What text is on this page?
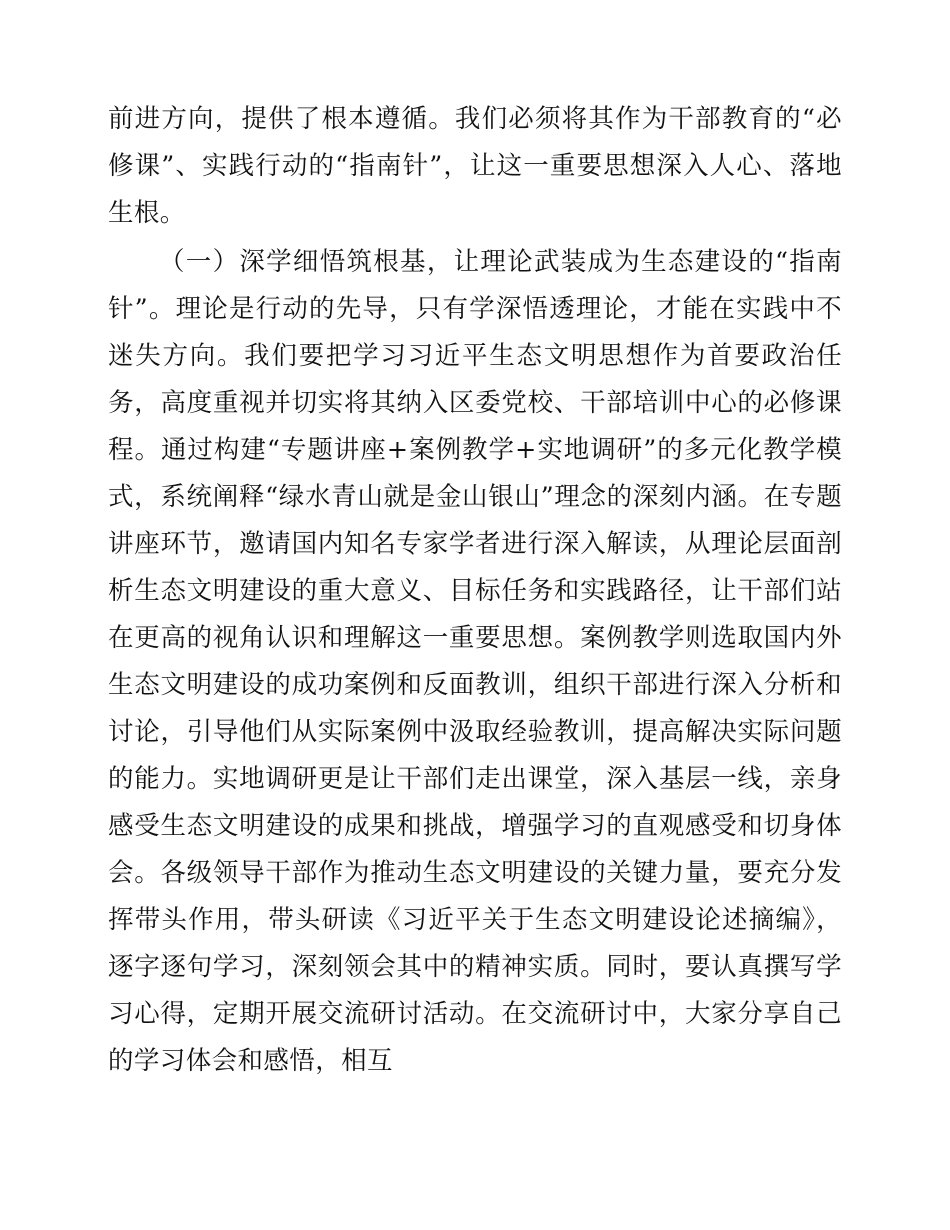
前进方向，提供了根本遵循。我们必须将其作为干部教育的“必修课”、实践行动的“指南针”，让这一重要思想深入人心、落地生根。

（一）深学细悟筑根基，让理论武装成为生态建设的“指南针”。理论是行动的先导，只有学深悟透理论，才能在实践中不迷失方向。我们要把学习习近平生态文明思想作为首要政治任务，高度重视并切实将其纳入区委党校、干部培训中心的必修课程。通过构建“专题讲座+案例教学+实地调研”的多元化教学模式，系统阐释“绿水青山就是金山银山”理念的深刻内涵。在专题讲座环节，邀请国内知名专家学者进行深入解读，从理论层面剖析生态文明建设的重大意义、目标任务和实践路径，让干部们站在更高的视角认识和理解这一重要思想。案例教学则选取国内外生态文明建设的成功案例和反面教训，组织干部进行深入分析和讨论，引导他们从实际案例中汲取经验教训，提高解决实际问题的能力。实地调研更是让干部们走出课堂，深入基层一线，亲身感受生态文明建设的成果和挑战，增强学习的直观感受和切身体会。各级领导干部作为推动生态文明建设的关键力量，要充分发挥带头作用，带头研读《习近平关于生态文明建设论述摘编》，逐字逐句学习，深刻领会其中的精神实质。同时，要认真撰写学习心得，定期开展交流研讨活动。在交流研讨中，大家分享自己的学习体会和感悟，相互
